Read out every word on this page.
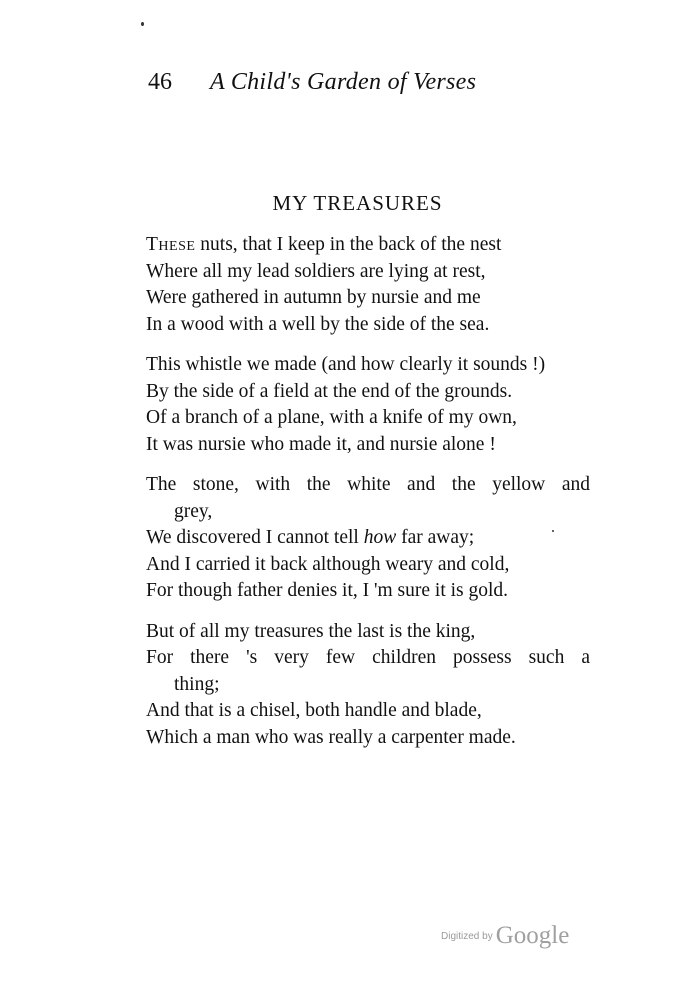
46 A Child's Garden of Verses
MY TREASURES
These nuts, that I keep in the back of the nest
Where all my lead soldiers are lying at rest,
Were gathered in autumn by nursie and me
In a wood with a well by the side of the sea.
This whistle we made (and how clearly it sounds !)
By the side of a field at the end of the grounds.
Of a branch of a plane, with a knife of my own,
It was nursie who made it, and nursie alone !
The stone, with the white and the yellow and
grey,
We discovered I cannot tell how far away;
And I carried it back although weary and cold,
For though father denies it, I 'm sure it is gold.
But of all my treasures the last is the king,
For there 's very few children possess such a
thing;
And that is a chisel, both handle and blade,
Which a man who was really a carpenter made.
Digitized by Google
